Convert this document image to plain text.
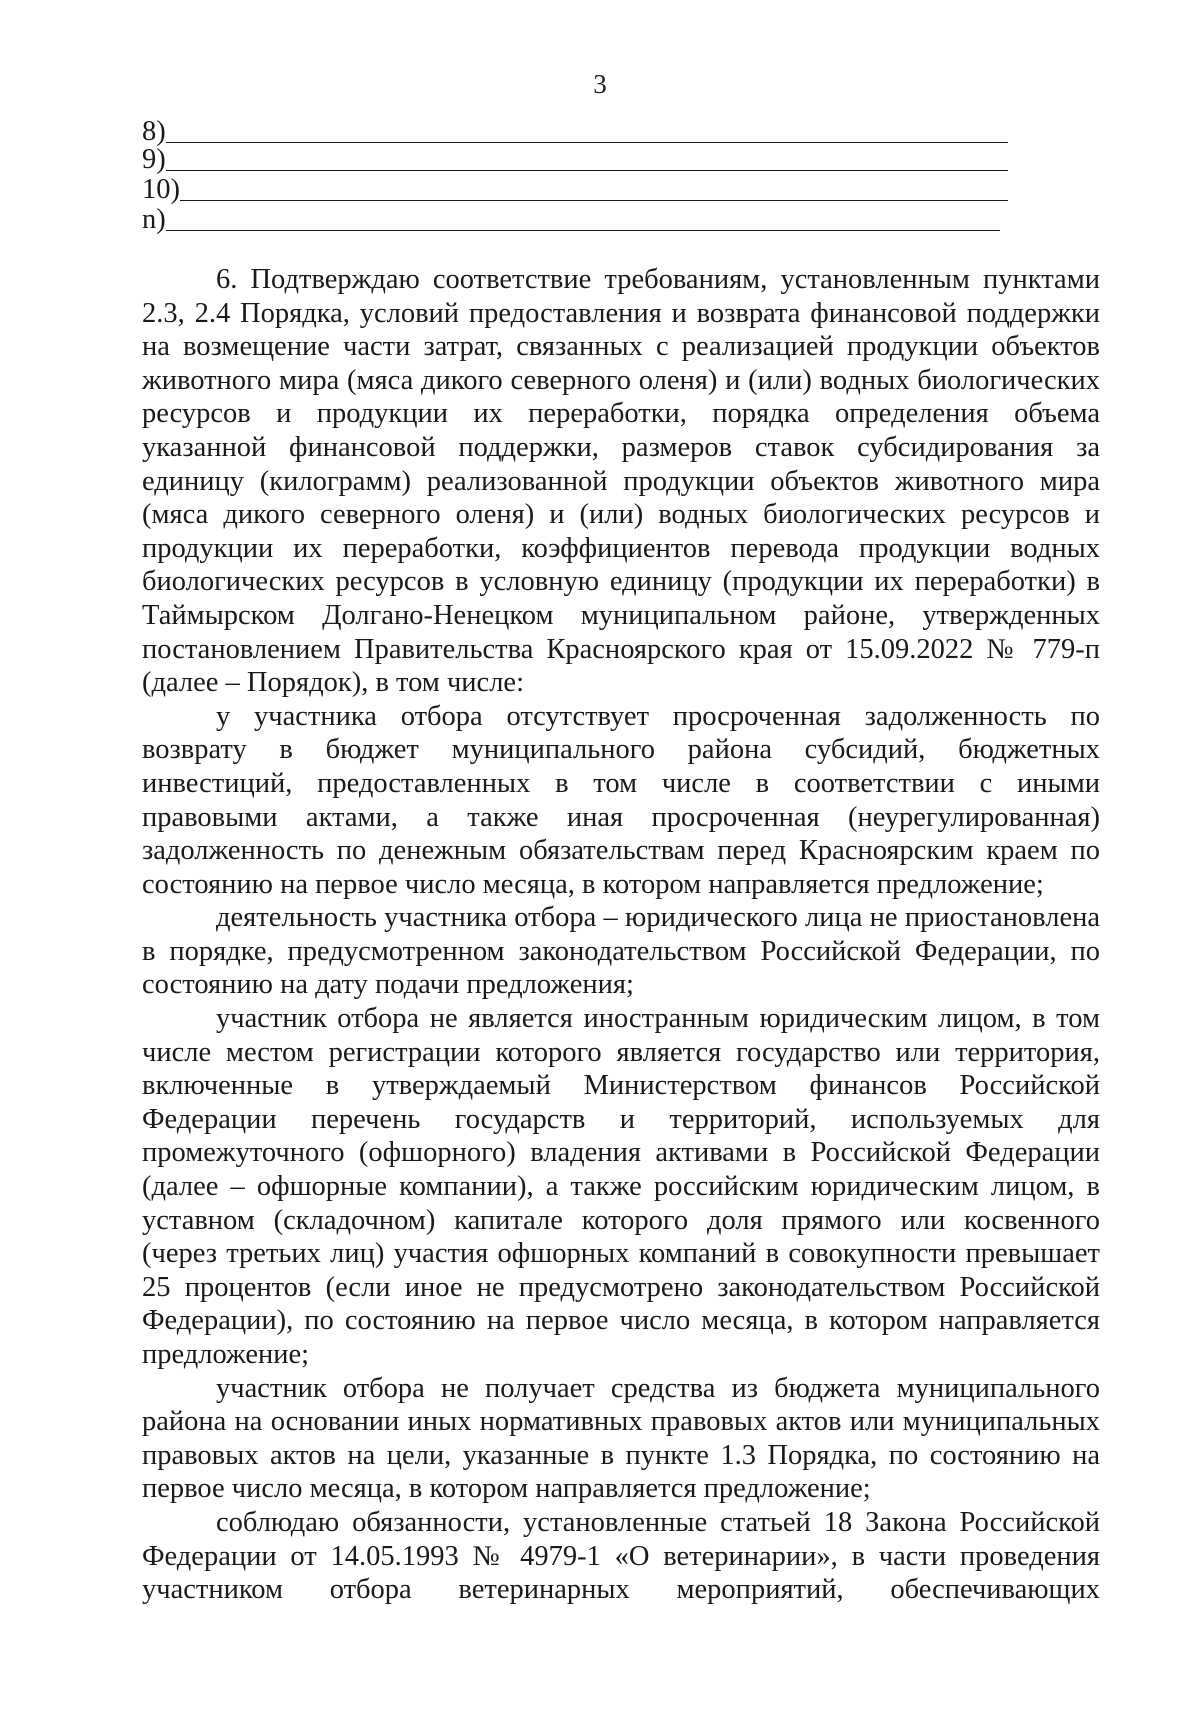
3
8)
9)
10)
n)

6. Подтверждаю соответствие требованиям, установленным пунктами 2.3, 2.4 Порядка, условий предоставления и возврата финансовой поддержки на возмещение части затрат, связанных с реализацией продукции объектов животного мира (мяса дикого северного оленя) и (или) водных биологических ресурсов и продукции их переработки, порядка определения объема указанной финансовой поддержки, размеров ставок субсидирования за единицу (килограмм) реализованной продукции объектов животного мира (мяса дикого северного оленя) и (или) водных биологических ресурсов и продукции их переработки, коэффициентов перевода продукции водных биологических ресурсов в условную единицу (продукции их переработки) в Таймырском Долгано-Ненецком муниципальном районе, утвержденных постановлением Правительства Красноярского края от 15.09.2022 № 779-п (далее – Порядок), в том числе:

у участника отбора отсутствует просроченная задолженность по возврату в бюджет муниципального района субсидий, бюджетных инвестиций, предоставленных в том числе в соответствии с иными правовыми актами, а также иная просроченная (неурегулированная) задолженность по денежным обязательствам перед Красноярским краем по состоянию на первое число месяца, в котором направляется предложение;

деятельность участника отбора – юридического лица не приостановлена в порядке, предусмотренном законодательством Российской Федерации, по состоянию на дату подачи предложения;

участник отбора не является иностранным юридическим лицом, в том числе местом регистрации которого является государство или территория, включенные в утверждаемый Министерством финансов Российской Федерации перечень государств и территорий, используемых для промежуточного (офшорного) владения активами в Российской Федерации (далее – офшорные компании), а также российским юридическим лицом, в уставном (складочном) капитале которого доля прямого или косвенного (через третьих лиц) участия офшорных компаний в совокупности превышает 25 процентов (если иное не предусмотрено законодательством Российской Федерации), по состоянию на первое число месяца, в котором направляется предложение;

участник отбора не получает средства из бюджета муниципального района на основании иных нормативных правовых актов или муниципальных правовых актов на цели, указанные в пункте 1.3 Порядка, по состоянию на первое число месяца, в котором направляется предложение;

соблюдаю обязанности, установленные статьей 18 Закона Российской Федерации от 14.05.1993 № 4979-1 «О ветеринарии», в части проведения участником отбора ветеринарных мероприятий, обеспечивающих
